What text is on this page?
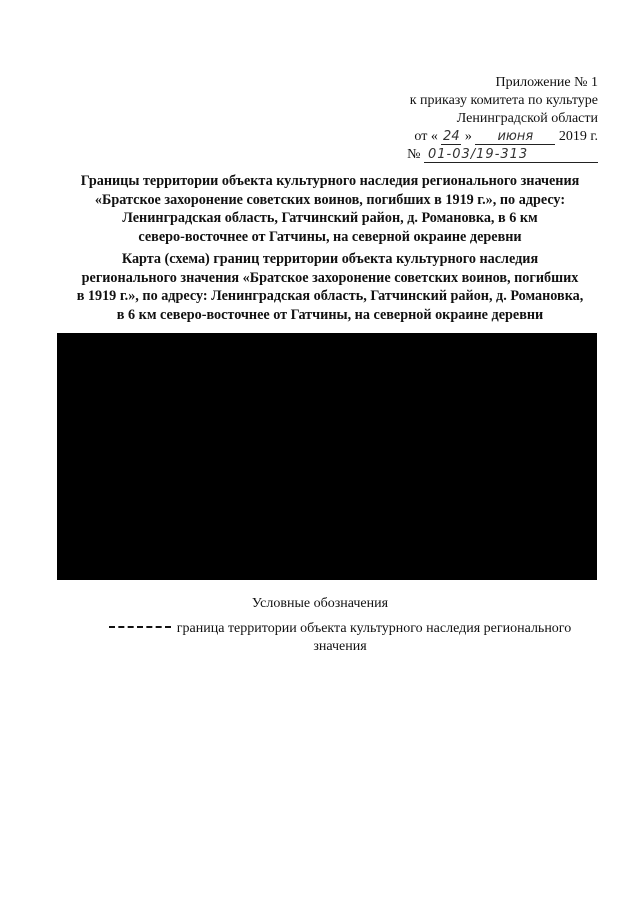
Приложение № 1
к приказу комитета по культуре
Ленинградской области
от « 24 » июня 2019 г.
№ 01-03/19-313
Границы территории объекта культурного наследия регионального значения
«Братское захоронение советских воинов, погибших в 1919 г.», по адресу:
Ленинградская область, Гатчинский район, д. Романовка, в 6 км
северо-восточнее от Гатчины, на северной окраине деревни
Карта (схема) границ территории объекта культурного наследия
регионального значения «Братское захоронение советских воинов, погибших
в 1919 г.», по адресу: Ленинградская область, Гатчинский район, д. Романовка,
в 6 км северо-восточнее от Гатчины, на северной окраине деревни
Условные обозначения
граница территории объекта культурного наследия регионального
значения
